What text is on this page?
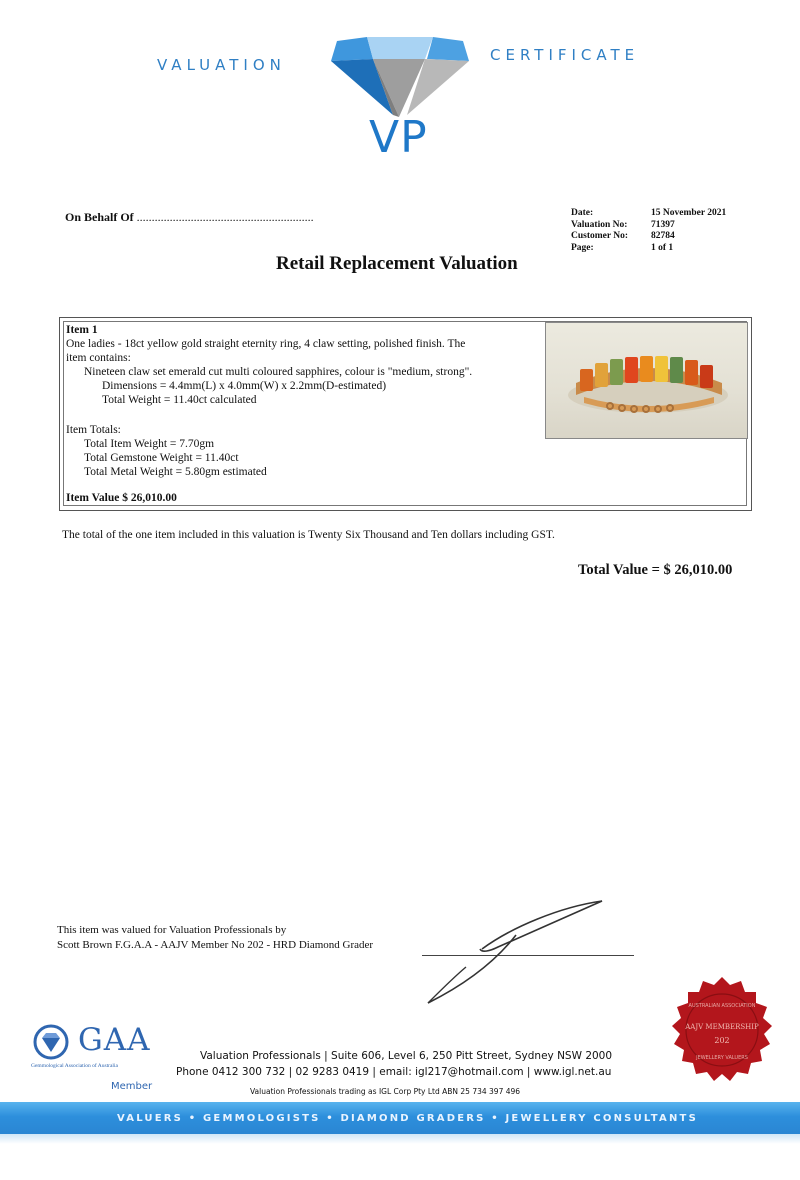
VALUATION
CERTIFICATE
VP
On Behalf Of ...........................................................	Date:	15 November 2021
Valuation No:	71397
Customer No:	82784
Page:	1 of 1
Retail Replacement Valuation
Item 1
One ladies - 18ct yellow gold straight eternity ring, 4 claw setting, polished finish. The
item contains:
Nineteen claw set emerald cut multi coloured sapphires, colour is "medium, strong".
Dimensions = 4.4mm(L) x 4.0mm(W) x 2.2mm(D-estimated)
Total Weight = 11.40ct calculated
Item Totals:
Total Item Weight = 7.70gm
Total Gemstone Weight = 11.40ct
Total Metal Weight = 5.80gm estimated
Item Value $ 26,010.00
The total of the one item included in this valuation is Twenty Six Thousand and Ten dollars including GST.
Total Value = $ 26,010.00
This item was valued for Valuation Professionals by
Scott Brown F.G.A.A - AAJV Member No 202 - HRD Diamond Grader
GAA
Gemmological Association of Australia
Member
AUSTRALIAN ASSOCIATION
AAJV MEMBERSHIP
202
JEWELLERY VALUERS
Valuation Professionals | Suite 606, Level 6, 250 Pitt Street, Sydney NSW 2000
Phone 0412 300 732 | 02 9283 0419 | email: igl217@hotmail.com | www.igl.net.au
Valuation Professionals trading as IGL Corp Pty Ltd ABN 25 734 397 496
VALUERS • GEMMOLOGISTS • DIAMOND GRADERS • JEWELLERY CONSULTANTS
